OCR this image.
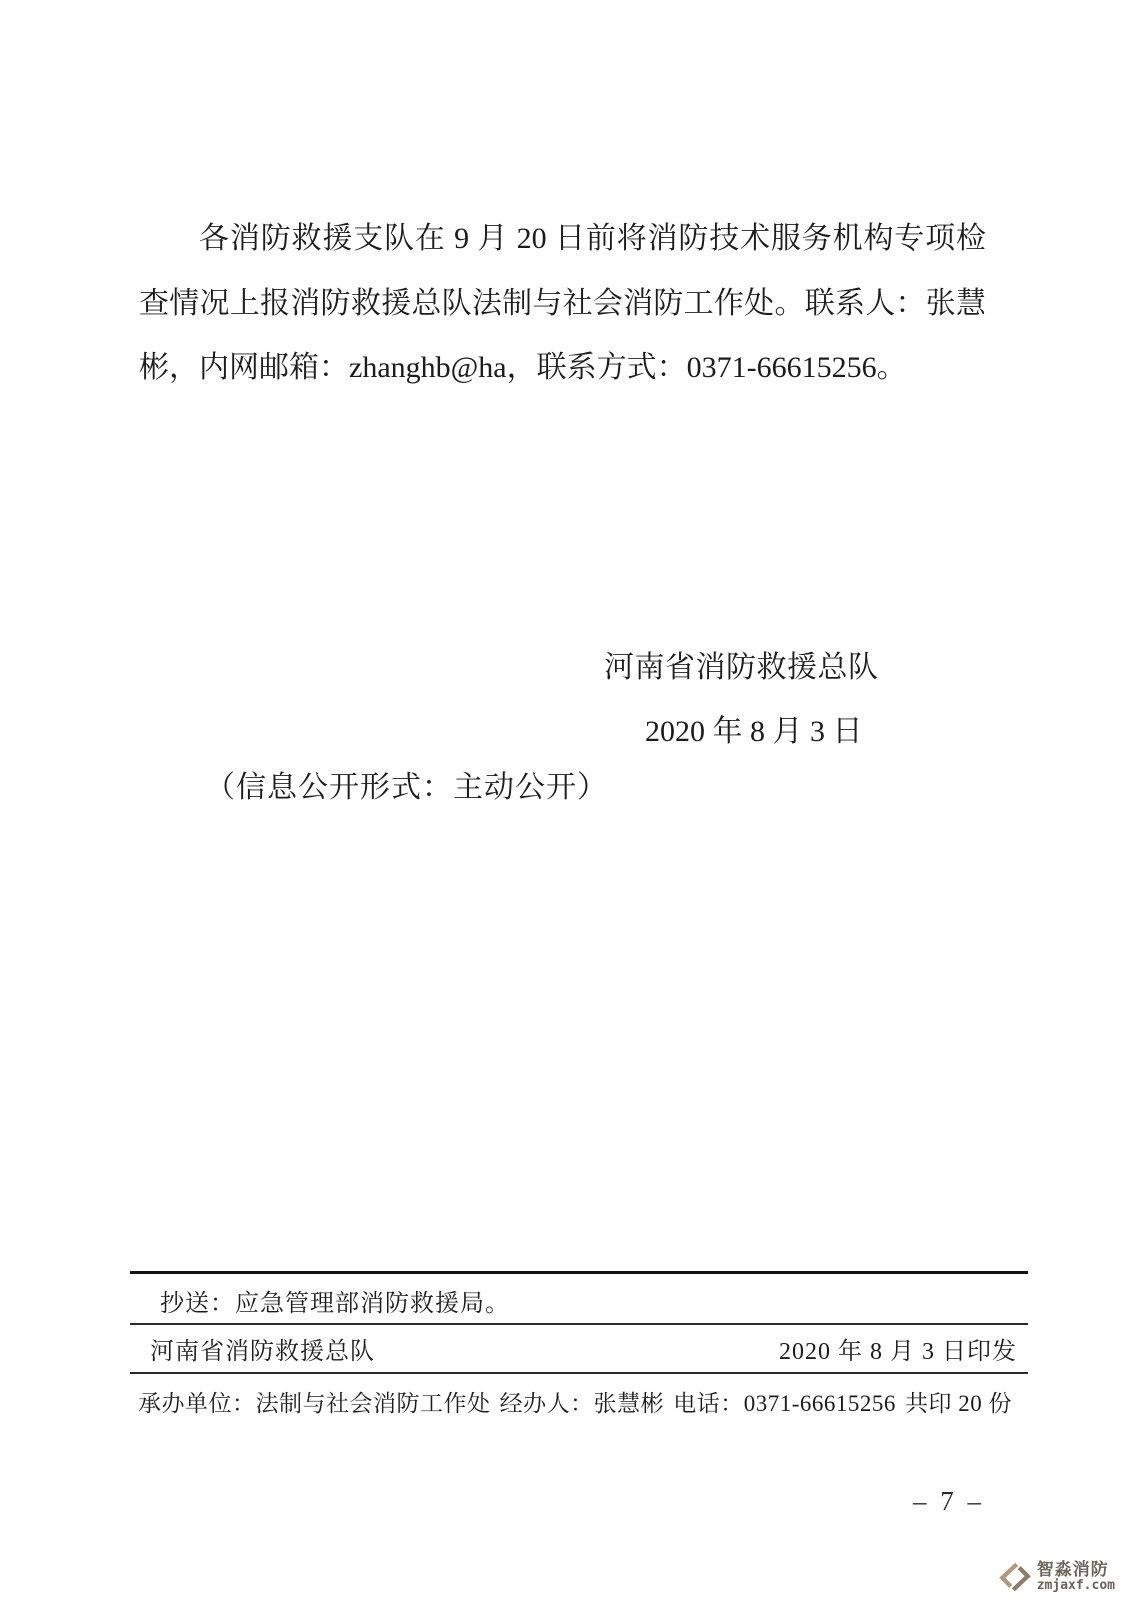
各消防救援支队在 9 月 20 日前将消防技术服务机构专项检查情况上报消防救援总队法制与社会消防工作处。联系人：张慧彬，内网邮箱：zhanghb@ha，联系方式：0371-66615256。

河南省消防救援总队
2020 年 8 月 3 日
（信息公开形式：主动公开）
抄送：应急管理部消防救援局。
河南省消防救援总队	2020 年 8 月 3 日印发
承办单位：法制与社会消防工作处 经办人：张慧彬 电话：0371-66615256 共印 20 份
– 7 –
智淼消防
zmjaxf.com
